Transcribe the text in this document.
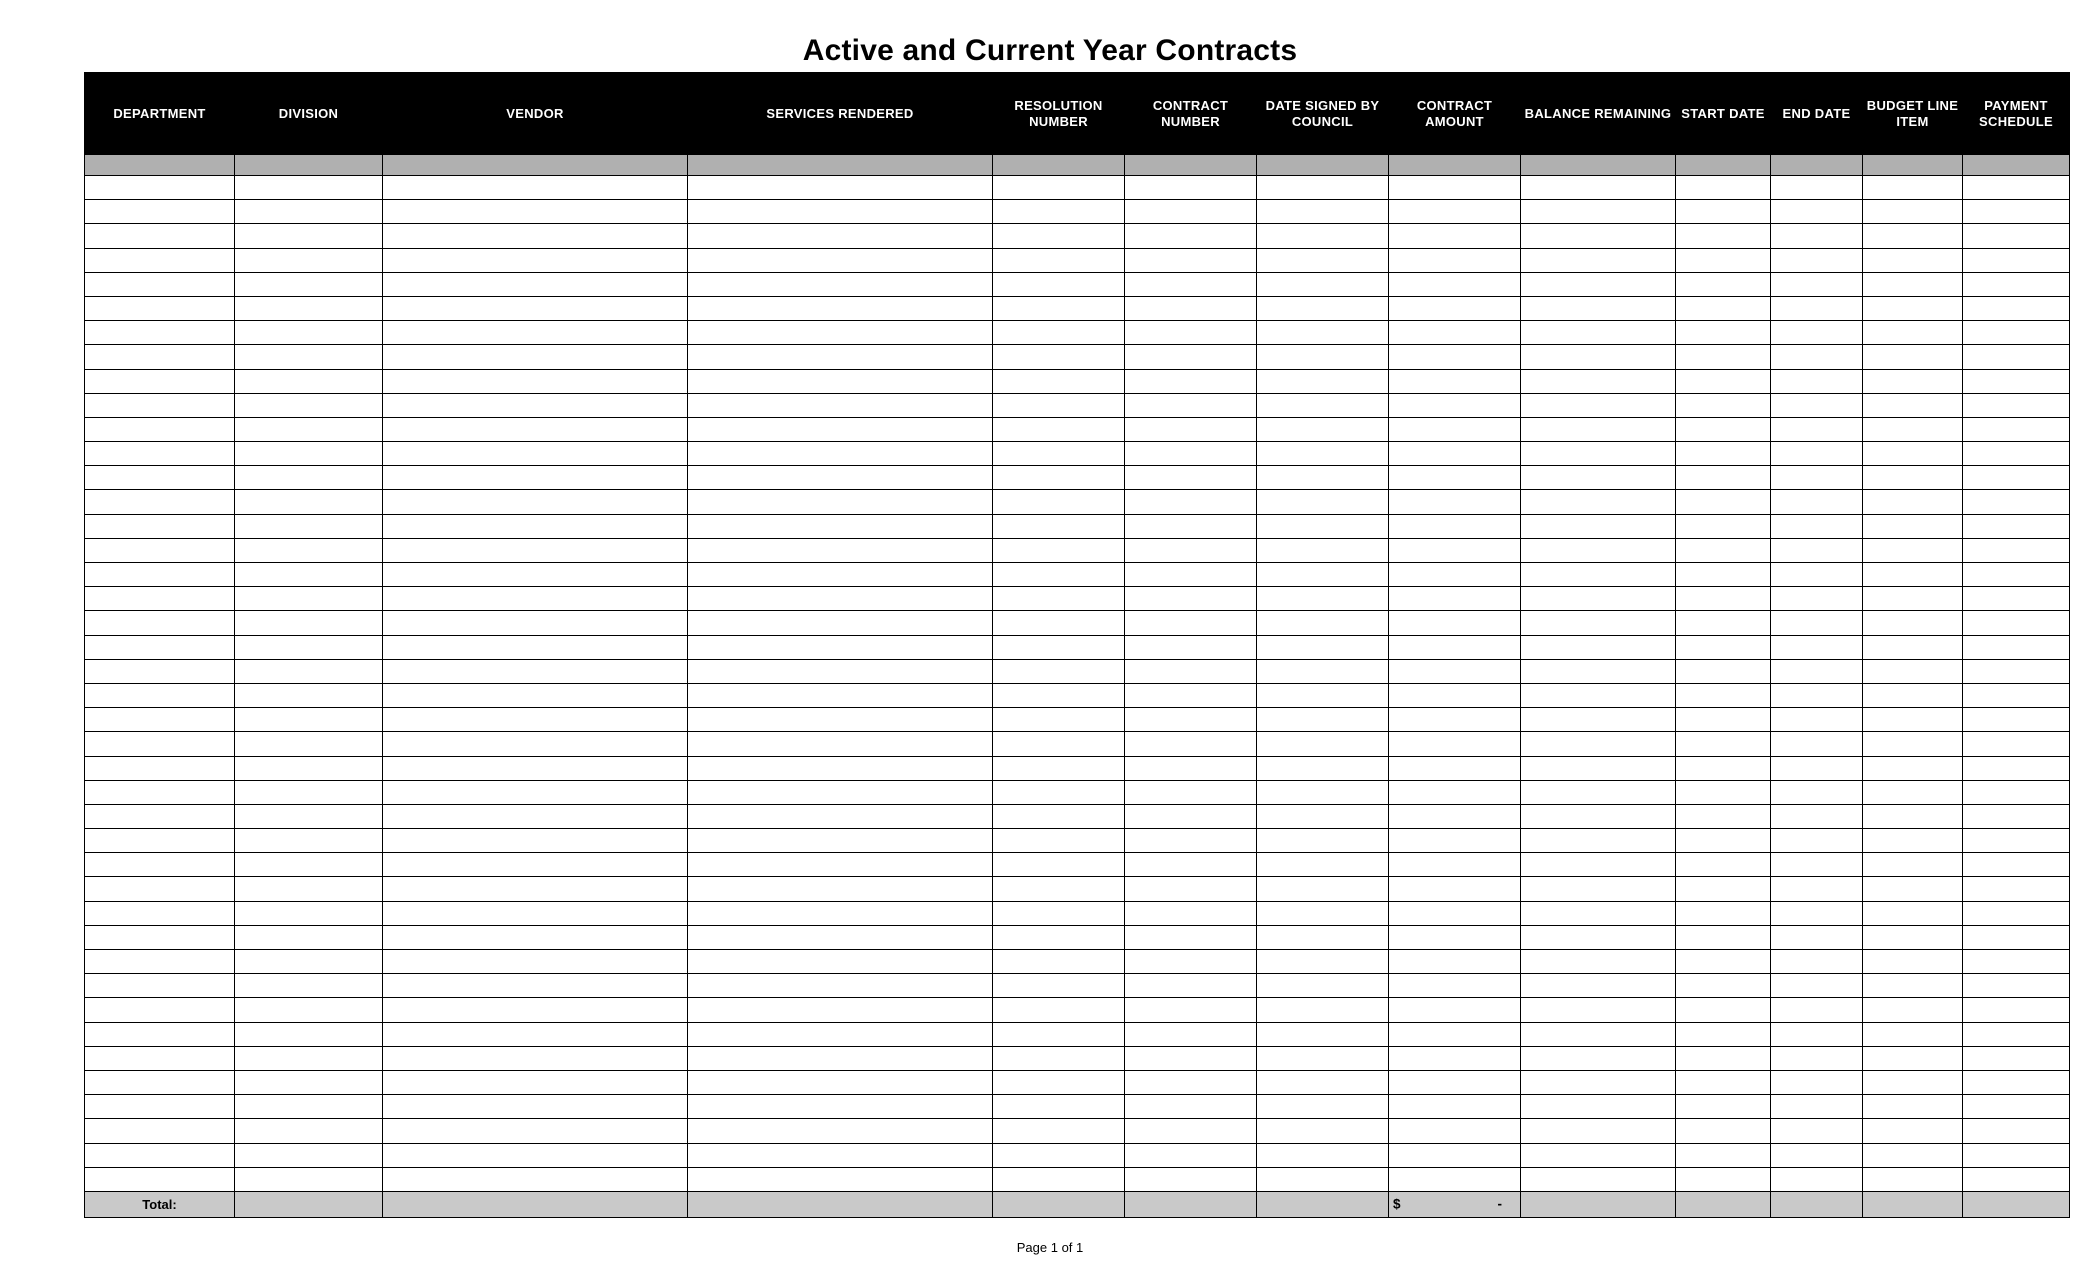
Active and Current Year Contracts
DEPARTMENT	DIVISION	VENDOR	SERVICES RENDERED	RESOLUTION NUMBER	CONTRACT NUMBER	DATE SIGNED BY COUNCIL	CONTRACT AMOUNT	BALANCE REMAINING	START DATE	END DATE	BUDGET LINE ITEM	PAYMENT SCHEDULE

Total:							$ -					

Page 1 of 1
